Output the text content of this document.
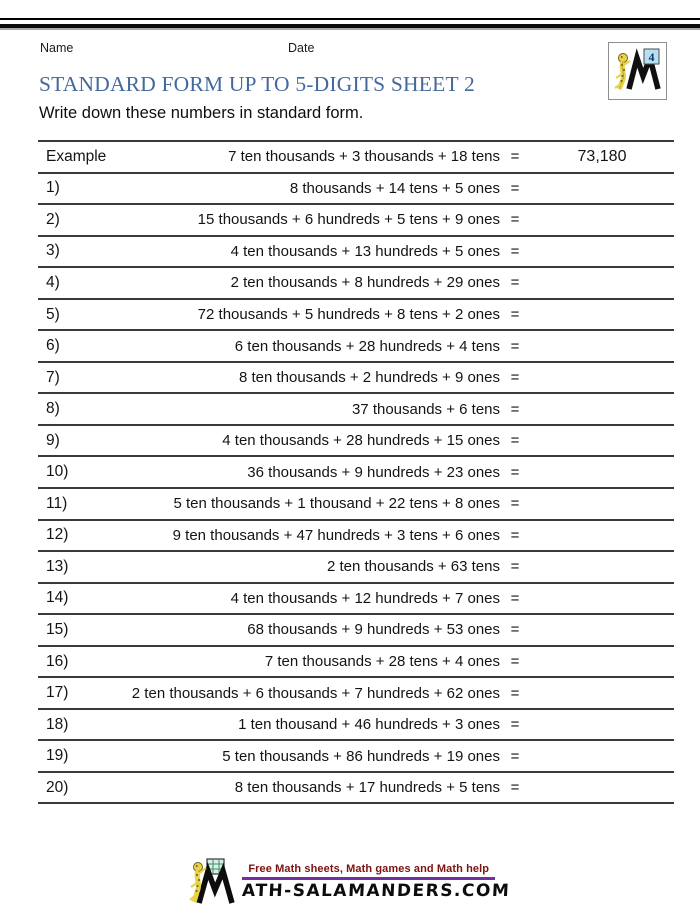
Name	Date
4
STANDARD FORM UP TO 5-DIGITS SHEET 2
Write down these numbers in standard form.
Example	7 ten thousands + 3 thousands + 18 tens =	73,180
1)	8 thousands + 14 tens + 5 ones =
2)	15 thousands + 6 hundreds + 5 tens + 9 ones =
3)	4 ten thousands + 13 hundreds + 5 ones =
4)	2 ten thousands + 8 hundreds + 29 ones =
5)	72 thousands + 5 hundreds + 8 tens + 2 ones =
6)	6 ten thousands + 28 hundreds + 4 tens =
7)	8 ten thousands + 2 hundreds + 9 ones =
8)	37 thousands + 6 tens =
9)	4 ten thousands + 28 hundreds + 15 ones =
10)	36 thousands + 9 hundreds + 23 ones =
11)	5 ten thousands + 1 thousand + 22 tens + 8 ones =
12)	9 ten thousands + 47 hundreds + 3 tens + 6 ones =
13)	2 ten thousands + 63 tens =
14)	4 ten thousands + 12 hundreds + 7 ones =
15)	68 thousands + 9 hundreds + 53 ones =
16)	7 ten thousands + 28 tens + 4 ones =
17)	2 ten thousands + 6 thousands + 7 hundreds + 62 ones =
18)	1 ten thousand + 46 hundreds + 3 ones =
19)	5 ten thousands + 86 hundreds + 19 ones =
20)	8 ten thousands + 17 hundreds + 5 tens =
Free Math sheets, Math games and Math help
ATH-SALAMANDERS.COM
